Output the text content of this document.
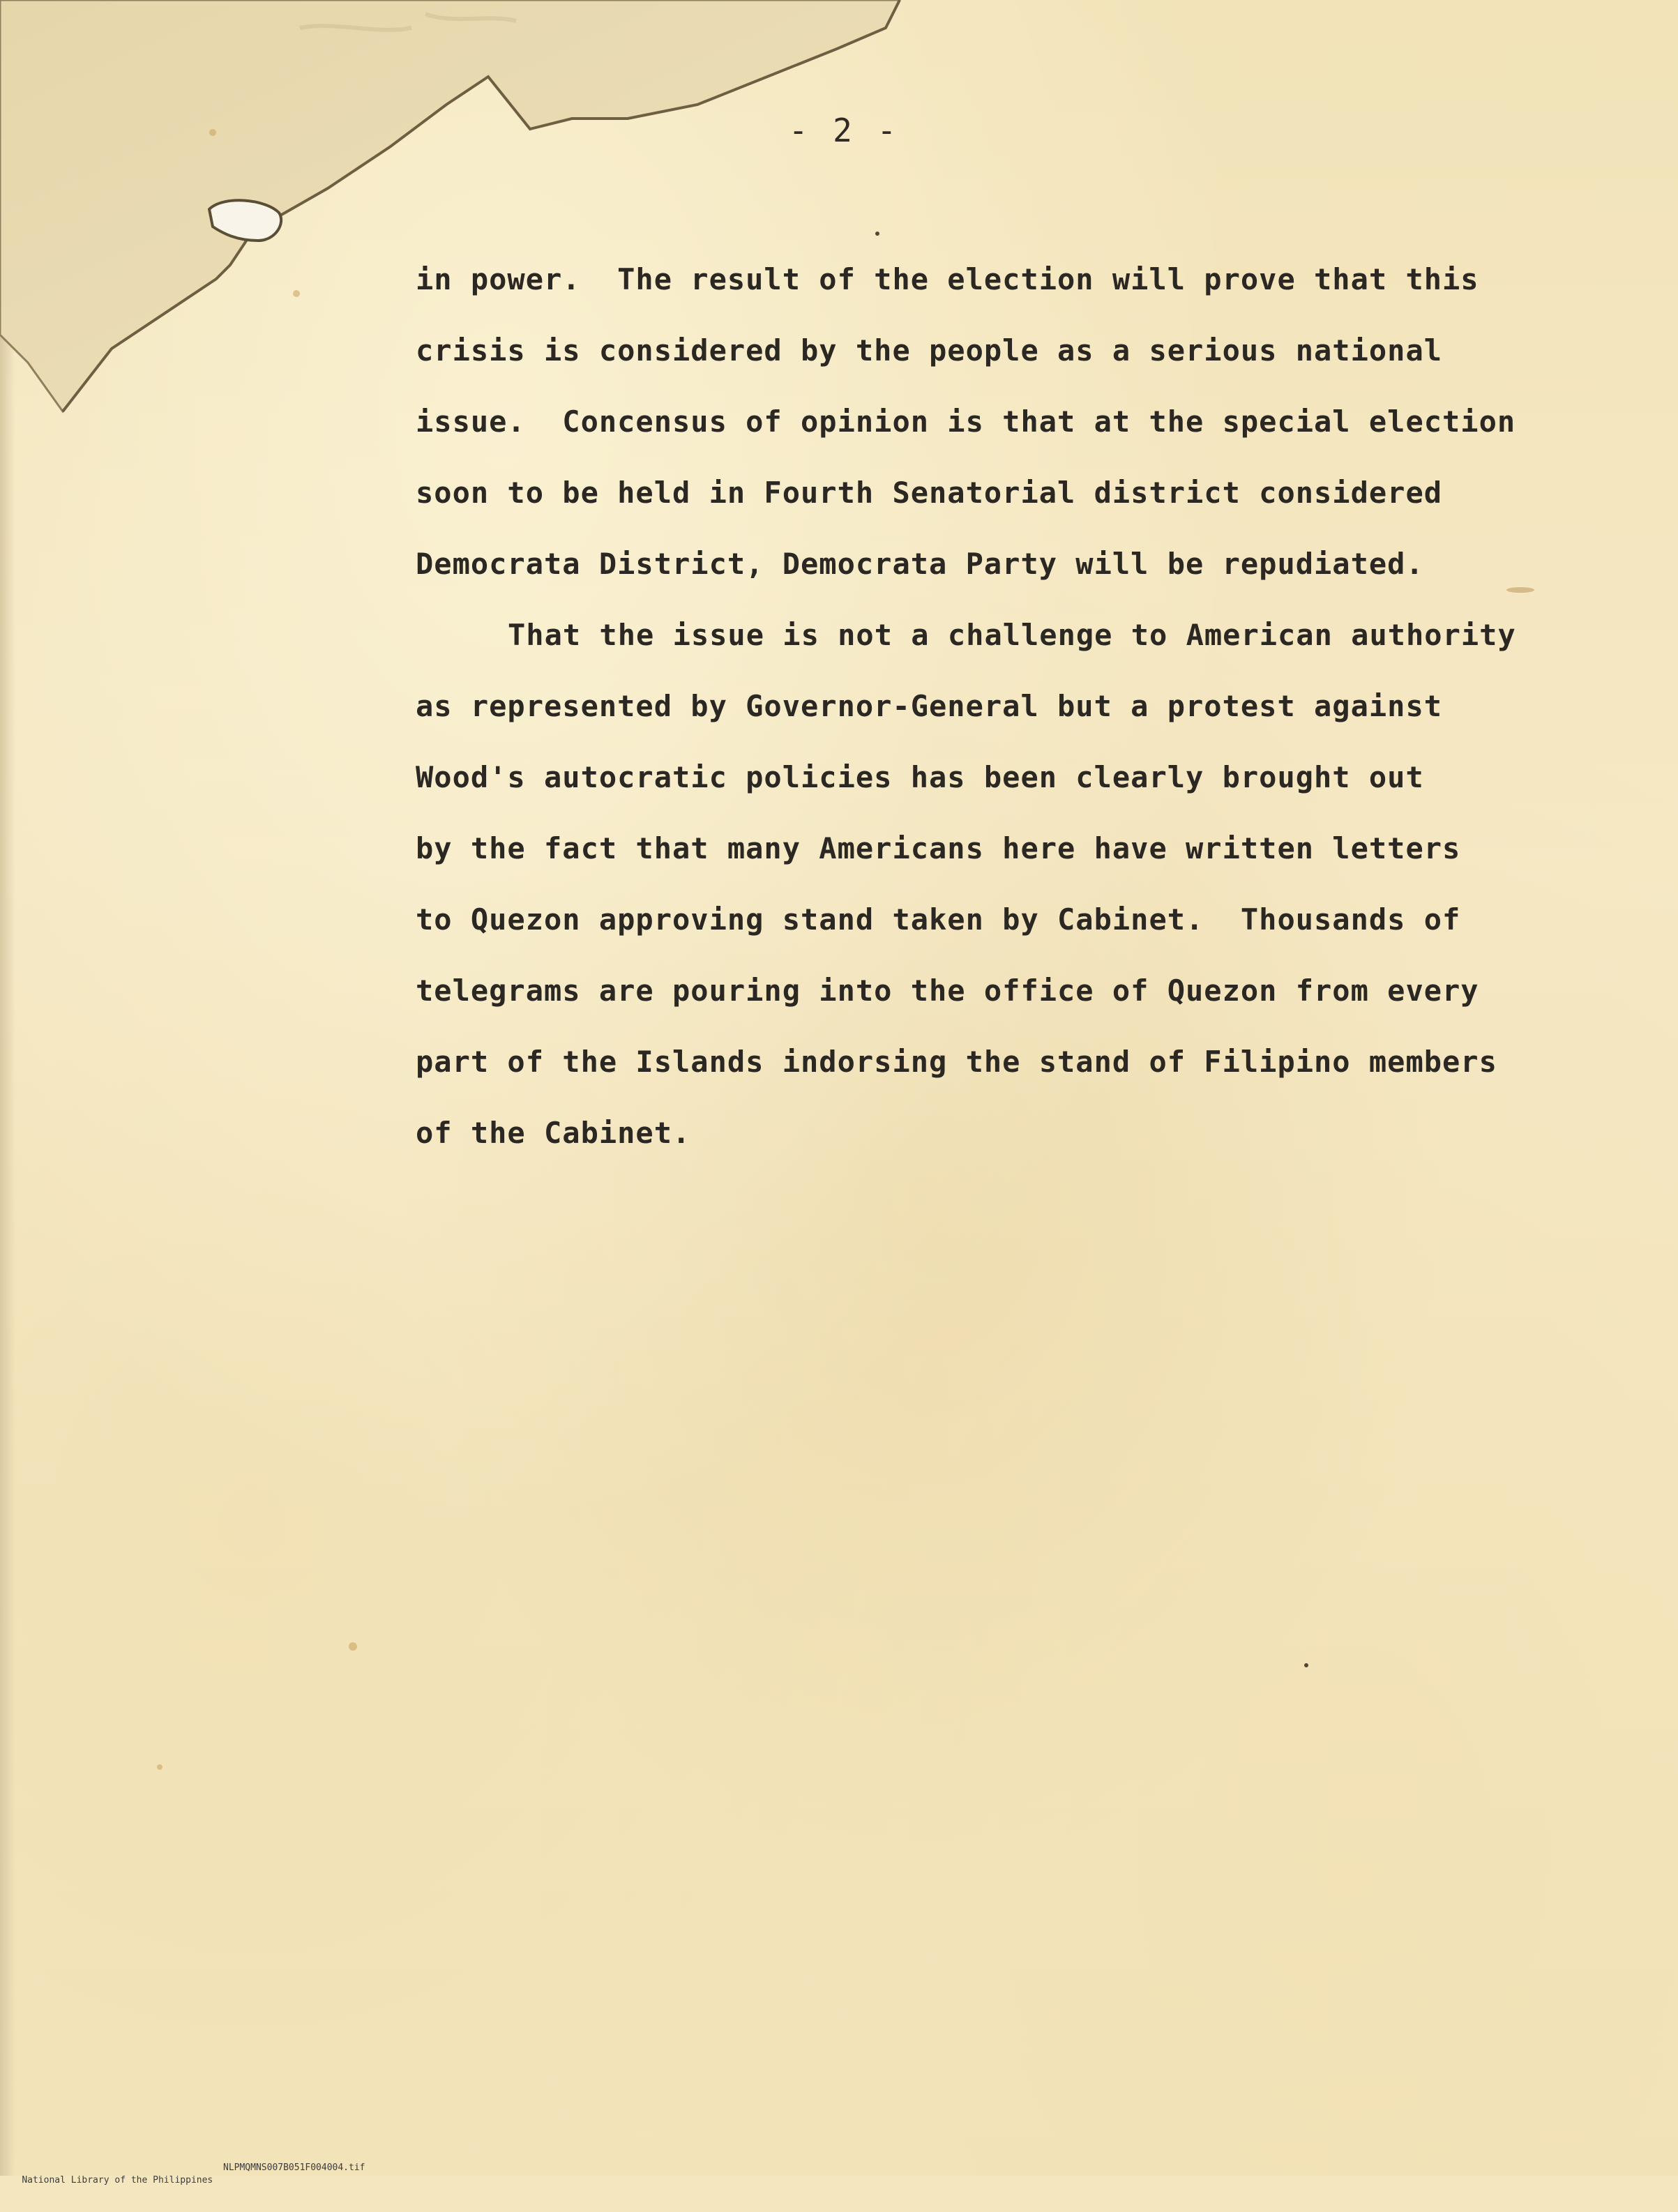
- 2 -
in power.  The result of the election will prove that this
crisis is considered by the people as a serious national
issue.  Concensus of opinion is that at the special election
soon to be held in Fourth Senatorial district considered
Democrata District, Democrata Party will be repudiated.
That the issue is not a challenge to American authority
as represented by Governor-General but a protest against
Wood's autocratic policies has been clearly brought out
by the fact that many Americans here have written letters
to Quezon approving stand taken by Cabinet.  Thousands of
telegrams are pouring into the office of Quezon from every
part of the Islands indorsing the stand of Filipino members
of the Cabinet.

National Library of the Philippines

NLPMQMNS007B051F004004.tif
